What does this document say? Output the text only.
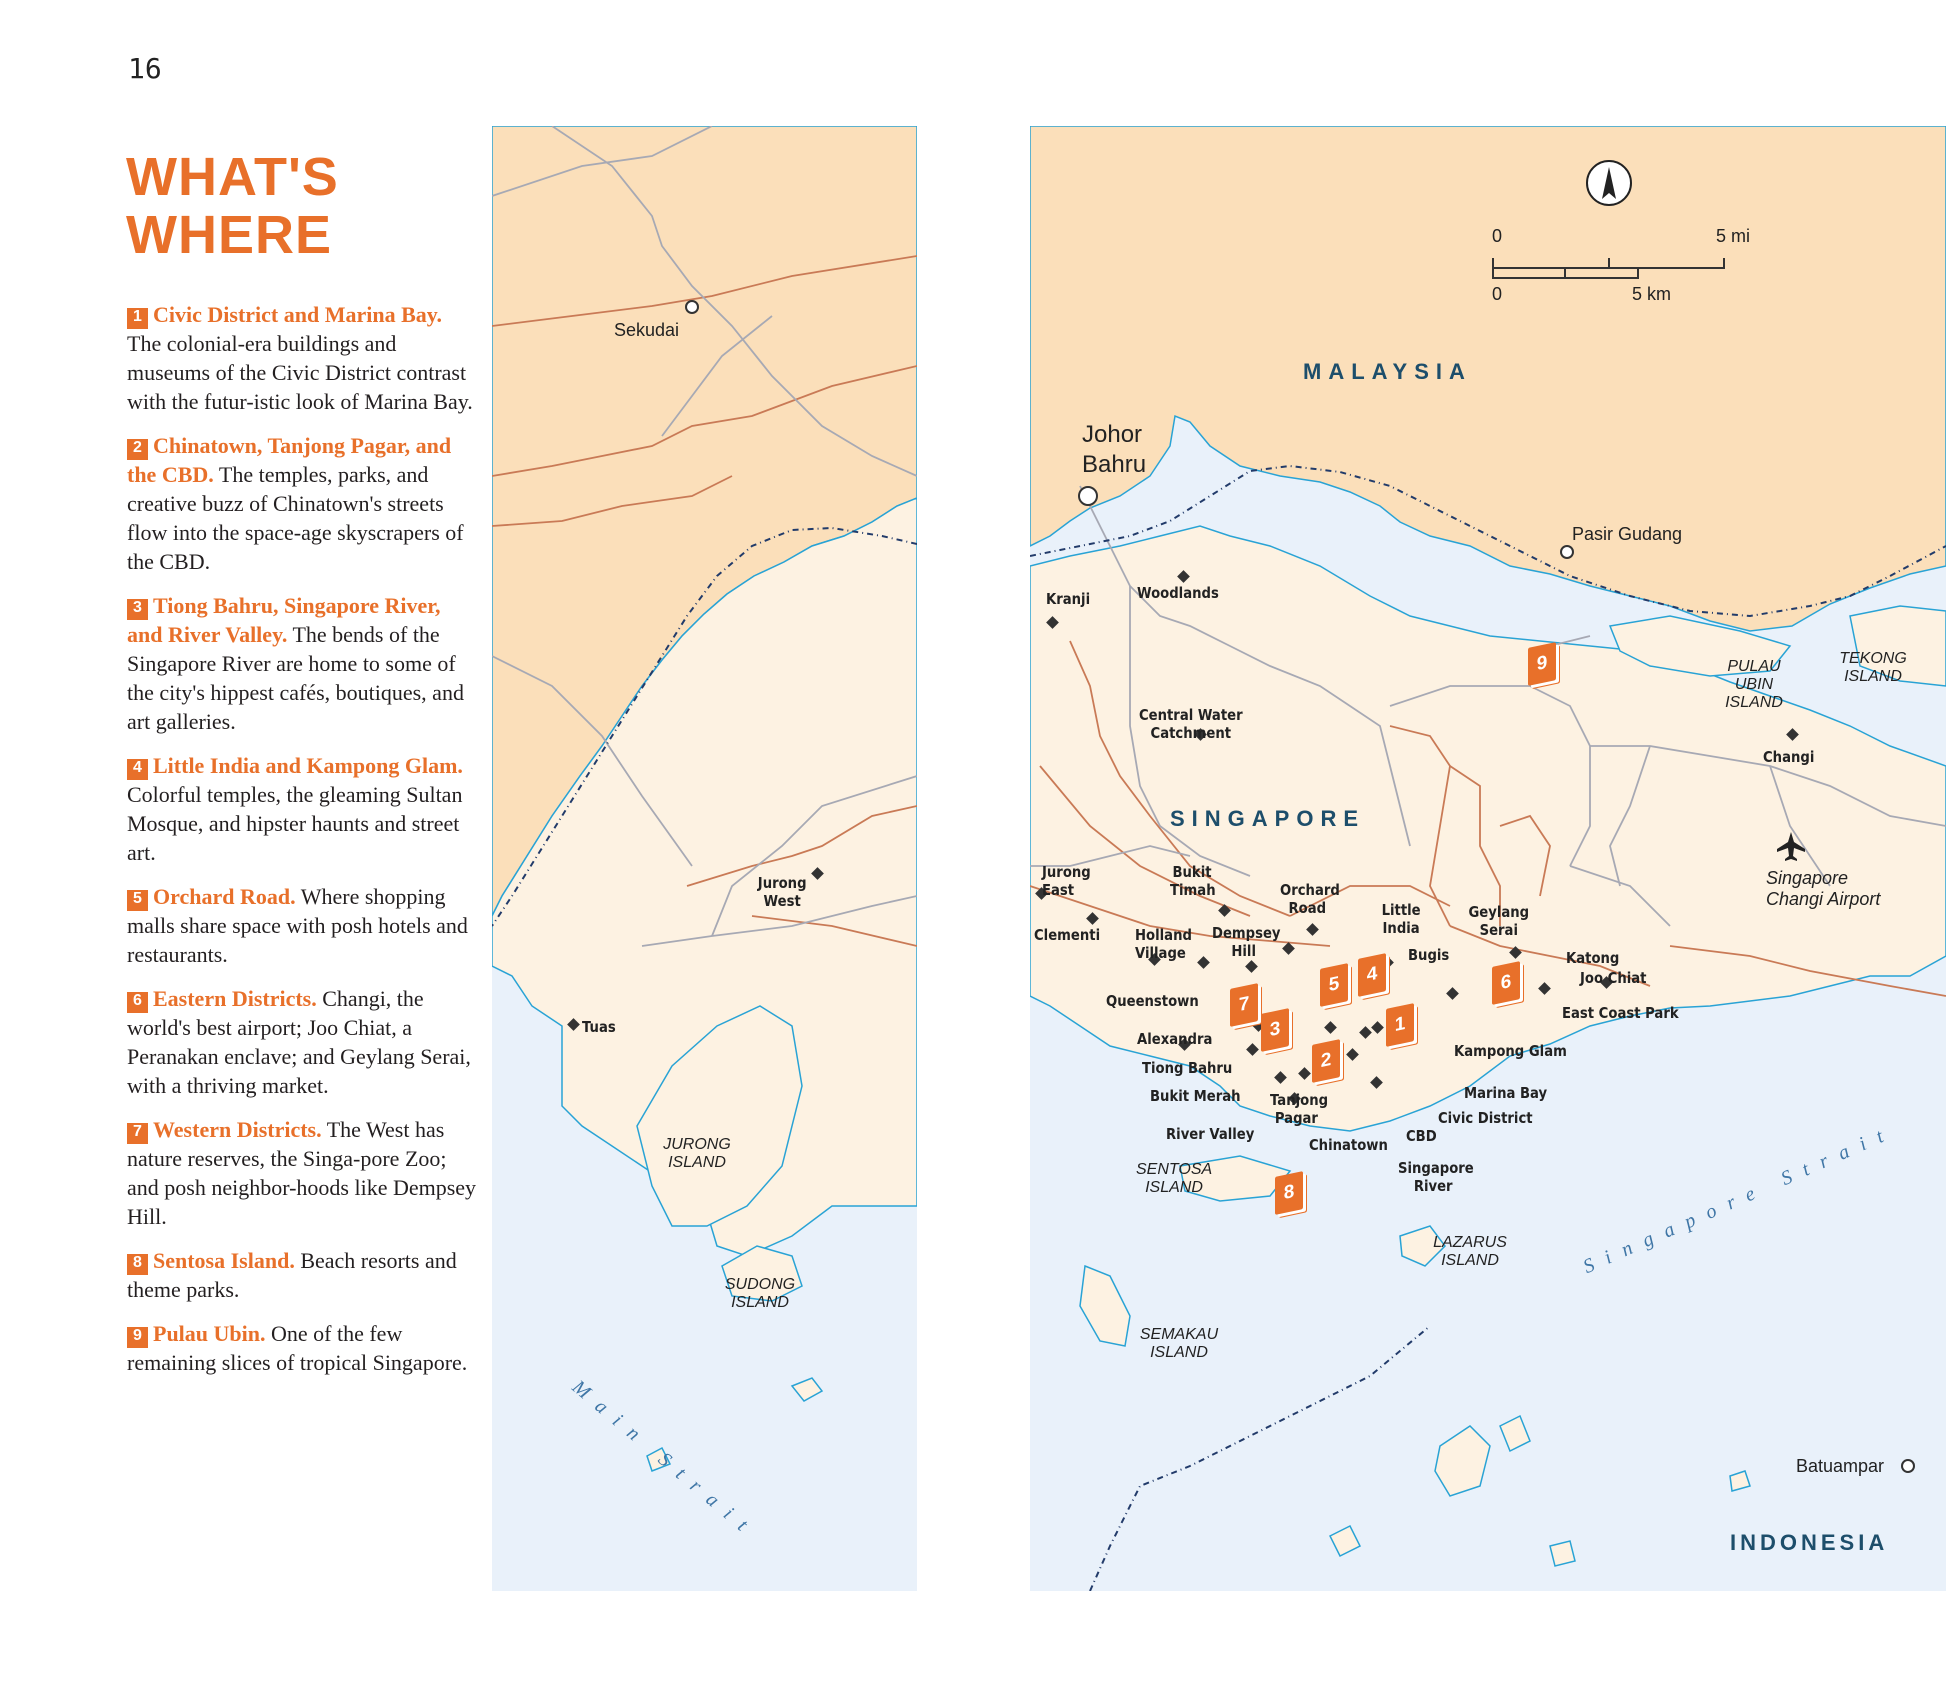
16
WHAT'S
WHERE

1 Civic District and Marina Bay. The colonial-era buildings and museums of the Civic District contrast with the futur-istic look of Marina Bay.

2 Chinatown, Tanjong Pagar, and the CBD. The temples, parks, and creative buzz of Chinatown's streets flow into the space-age skyscrapers of the CBD.

3 Tiong Bahru, Singapore River, and River Valley. The bends of the Singapore River are home to some of the city's hippest cafés, boutiques, and art galleries.

4 Little India and Kampong Glam. Colorful temples, the gleaming Sultan Mosque, and hipster haunts and street art.

5 Orchard Road. Where shopping malls share space with posh hotels and restaurants.

6 Eastern Districts. Changi, the world's best airport; Joo Chiat, a Peranakan enclave; and Geylang Serai, with a thriving market.

7 Western Districts. The West has nature reserves, the Singa-pore Zoo; and posh neighbor-hoods like Dempsey Hill.

8 Sentosa Island. Beach resorts and theme parks.

9 Pulau Ubin. One of the few remaining slices of tropical Singapore.

Sekudai
Jurong West
Tuas
JURONG ISLAND
SUDONG ISLAND
Main Strait
0	5 mi
0	5 km
MALAYSIA
SINGAPORE
INDONESIA
Johor Bahru
Pasir Gudang
Batuampar
Kranji	Woodlands
Central Water Catchment
Changi
Jurong East
Bukit Timah	Orchard Road	Little India
Geylang Serai
Clementi Holland Village
Dempsey Hill	Bugis	Katong
Joo Chiat
East Coast Park
Queenstown
Alexandra
Kampong Glam
Tiong Bahru
Bukit Merah Tanjong Pagar
Marina Bay
Civic District
River Valley
Chinatown CBD
Singapore River
PULAU UBIN ISLAND
TEKONG ISLAND
SENTOSA ISLAND
LAZARUS ISLAND
SEMAKAU ISLAND
Singapore Changi Airport
Singapore Strait
9
6
4
5
1
7
3
2
8
